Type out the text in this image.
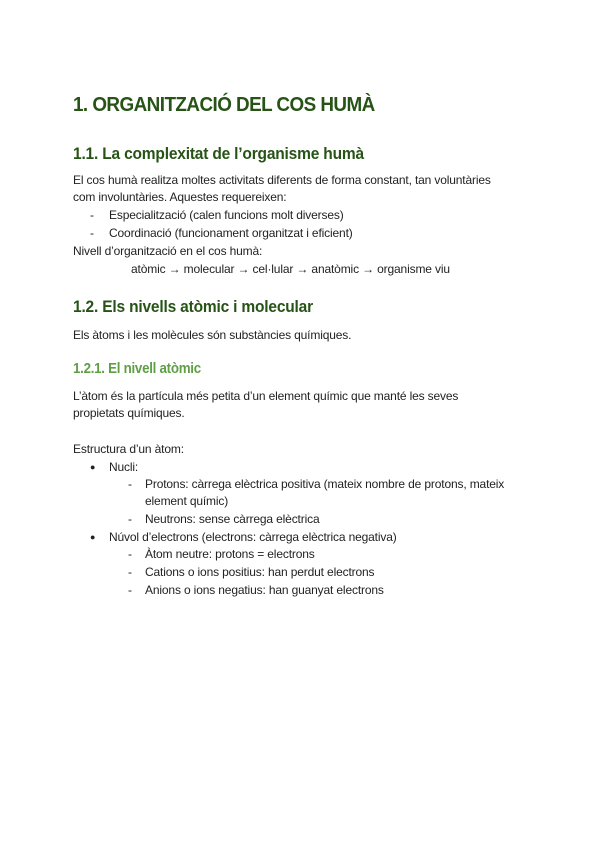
1. ORGANITZACIÓ DEL COS HUMÀ
1.1. La complexitat de l’organisme humà
El cos humà realitza moltes activitats diferents de forma constant, tan voluntàries
com involuntàries. Aquestes requereixen:
- Especialització (calen funcions molt diverses)
- Coordinació (funcionament organitzat i eficient)
Nivell d’organització en el cos humà:
atòmic → molecular → cel·lular → anatòmic → organisme viu
1.2. Els nivells atòmic i molecular
Els àtoms i les molècules són substàncies químiques.
1.2.1. El nivell atòmic
L’àtom és la partícula més petita d’un element químic que manté les seves
propietats químiques.
Estructura d’un àtom:
● Nucli:
- Protons: càrrega elèctrica positiva (mateix nombre de protons, mateix
element químic)
- Neutrons: sense càrrega elèctrica
● Núvol d’electrons (electrons: càrrega elèctrica negativa)
- Àtom neutre: protons = electrons
- Cations o ions positius: han perdut electrons
- Anions o ions negatius: han guanyat electrons
